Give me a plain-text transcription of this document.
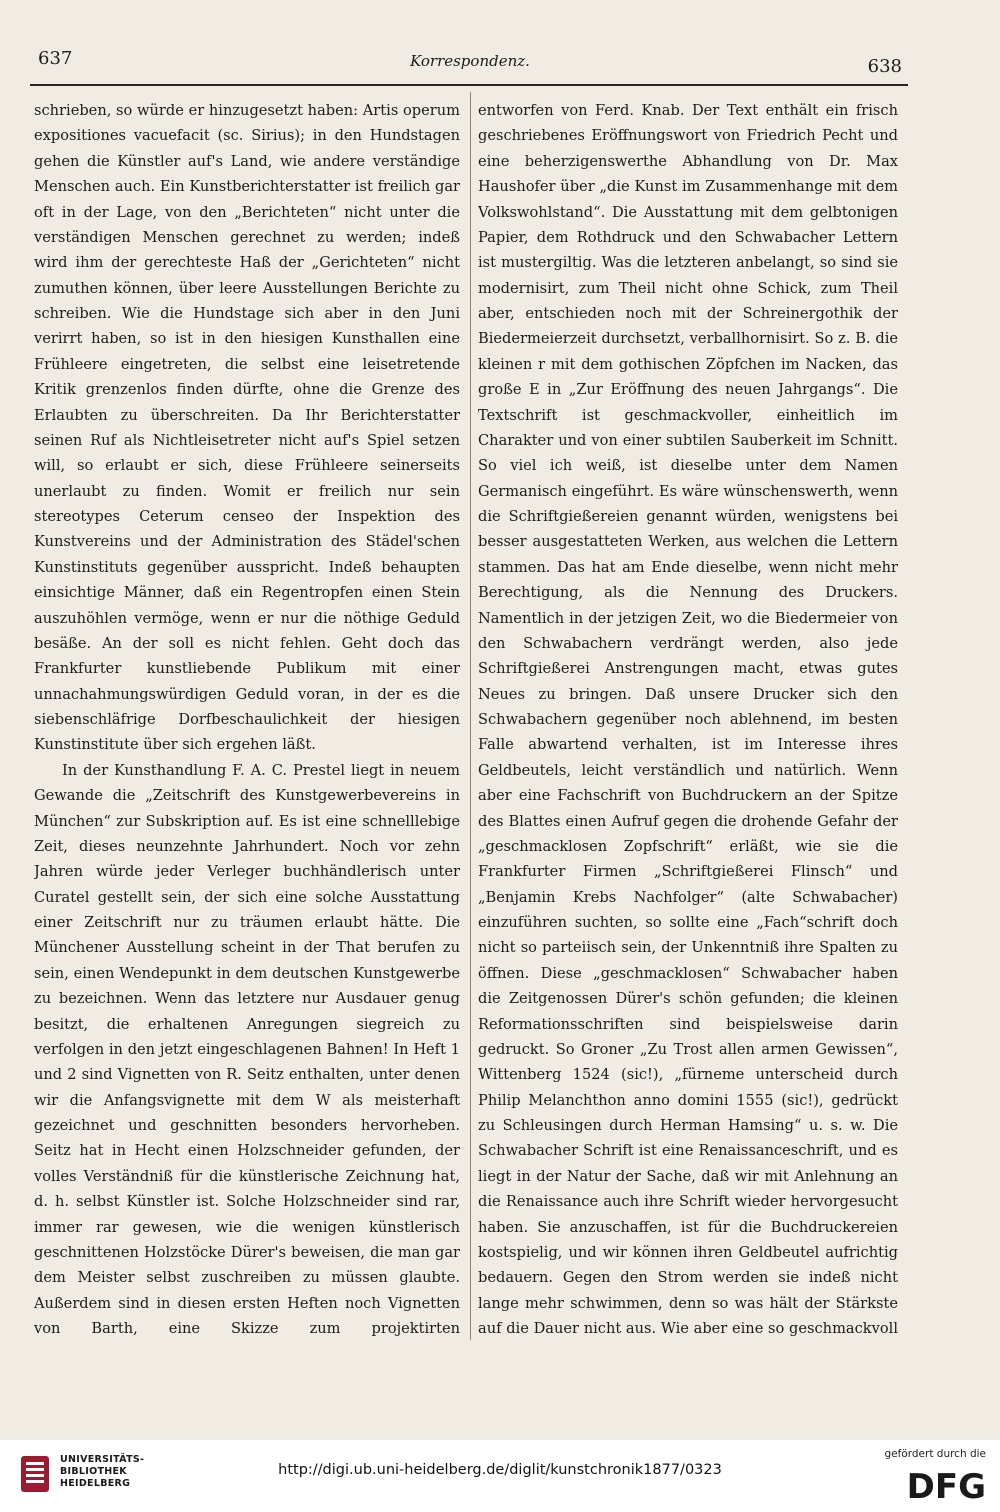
637	Korrespondenz.	638

schrieben, so würde er hinzugesetzt haben: Artis operum expositiones vacuefacit (sc. Sirius); in den Hundstagen gehen die Künstler auf's Land, wie andere verständige Menschen auch. Ein Kunstberichterstatter ist freilich gar oft in der Lage, von den „Berichteten“ nicht unter die verständigen Menschen gerechnet zu werden; indeß wird ihm der gerechteste Haß der „Gerichteten“ nicht zumuthen können, über leere Ausstellungen Berichte zu schreiben. Wie die Hundstage sich aber in den Juni verirrt haben, so ist in den hiesigen Kunsthallen eine Frühleere eingetreten, die selbst eine leisetretende Kritik grenzenlos finden dürfte, ohne die Grenze des Erlaubten zu überschreiten. Da Ihr Berichterstatter seinen Ruf als Nichtleisetreter nicht auf's Spiel setzen will, so erlaubt er sich, diese Frühleere seinerseits unerlaubt zu finden. Womit er freilich nur sein stereotypes Ceterum censeo der Inspektion des Kunstvereins und der Administration des Städel'schen Kunstinstituts gegenüber ausspricht. Indeß behaupten einsichtige Männer, daß ein Regentropfen einen Stein auszuhöhlen vermöge, wenn er nur die nöthige Geduld besäße. An der soll es nicht fehlen. Geht doch das Frankfurter kunstliebende Publikum mit einer unnachahmungswürdigen Geduld voran, in der es die siebenschläfrige Dorfbeschaulichkeit der hiesigen Kunstinstitute über sich ergehen läßt.

In der Kunsthandlung F. A. C. Prestel liegt in neuem Gewande die „Zeitschrift des Kunstgewerbevereins in München“ zur Subskription auf. Es ist eine schnelllebige Zeit, dieses neunzehnte Jahrhundert. Noch vor zehn Jahren würde jeder Verleger buchhändlerisch unter Curatel gestellt sein, der sich eine solche Ausstattung einer Zeitschrift nur zu träumen erlaubt hätte. Die Münchener Ausstellung scheint in der That berufen zu sein, einen Wendepunkt in dem deutschen Kunstgewerbe zu bezeichnen. Wenn das letztere nur Ausdauer genug besitzt, die erhaltenen Anregungen siegreich zu verfolgen in den jetzt eingeschlagenen Bahnen! In Heft 1 und 2 sind Vignetten von R. Seitz enthalten, unter denen wir die Anfangsvignette mit dem W als meisterhaft gezeichnet und geschnitten besonders hervorheben. Seitz hat in Hecht einen Holzschneider gefunden, der volles Verständniß für die künstlerische Zeichnung hat, d. h. selbst Künstler ist. Solche Holzschneider sind rar, immer rar gewesen, wie die wenigen künstlerisch geschnittenen Holzstöcke Dürer's beweisen, die man gar dem Meister selbst zuschreiben zu müssen glaubte. Außerdem sind in diesen ersten Heften noch Vignetten von Barth, eine Skizze zum projektirten

entworfen von Ferd. Knab. Der Text enthält ein frisch geschriebenes Eröffnungswort von Friedrich Pecht und eine beherzigenswerthe Abhandlung von Dr. Max Haushofer über „die Kunst im Zusammenhange mit dem Volkswohlstand“. Die Ausstattung mit dem gelbtonigen Papier, dem Rothdruck und den Schwabacher Lettern ist mustergiltig. Was die letzteren anbelangt, so sind sie modernisirt, zum Theil nicht ohne Schick, zum Theil aber, entschieden noch mit der Schreinergothik der Biedermeierzeit durchsetzt, verballhornisirt. So z. B. die kleinen r mit dem gothischen Zöpfchen im Nacken, das große E in „Zur Eröffnung des neuen Jahrgangs“. Die Textschrift ist geschmackvoller, einheitlich im Charakter und von einer subtilen Sauberkeit im Schnitt. So viel ich weiß, ist dieselbe unter dem Namen Germanisch eingeführt. Es wäre wünschenswerth, wenn die Schriftgießereien genannt würden, wenigstens bei besser ausgestatteten Werken, aus welchen die Lettern stammen. Das hat am Ende dieselbe, wenn nicht mehr Berechtigung, als die Nennung des Druckers. Namentlich in der jetzigen Zeit, wo die Biedermeier von den Schwabachern verdrängt werden, also jede Schriftgießerei Anstrengungen macht, etwas gutes Neues zu bringen. Daß unsere Drucker sich den Schwabachern gegenüber noch ablehnend, im besten Falle abwartend verhalten, ist im Interesse ihres Geldbeutels, leicht verständlich und natürlich. Wenn aber eine Fachschrift von Buchdruckern an der Spitze des Blattes einen Aufruf gegen die drohende Gefahr der „geschmacklosen Zopfschrift“ erläßt, wie sie die Frankfurter Firmen „Schriftgießerei Flinsch“ und „Benjamin Krebs Nachfolger“ (alte Schwabacher) einzuführen suchten, so sollte eine „Fach“schrift doch nicht so parteiisch sein, der Unkenntniß ihre Spalten zu öffnen. Diese „geschmacklosen“ Schwabacher haben die Zeitgenossen Dürer's schön gefunden; die kleinen Reformationsschriften sind beispielsweise darin gedruckt. So Groner „Zu Trost allen armen Gewissen“, Wittenberg 1524 (sic!), „fürneme unterscheid durch Philip Melanchthon anno domini 1555 (sic!), gedrückt zu Schleusingen durch Herman Hamsing“ u. s. w. Die Schwabacher Schrift ist eine Renaissanceschrift, und es liegt in der Natur der Sache, daß wir mit Anlehnung an die Renaissance auch ihre Schrift wieder hervorgesucht haben. Sie anzuschaffen, ist für die Buchdruckereien kostspielig, und wir können ihren Geldbeutel aufrichtig bedauern. Gegen den Strom werden sie indeß nicht lange mehr schwimmen, denn so was hält der Stärkste auf die Dauer nicht aus. Wie aber eine so geschmackvoll

UNIVERSITÄTS-
BIBLIOTHEK
HEIDELBERG
http://digi.ub.uni-heidelberg.de/diglit/kunstchronik1877/0323
gefördert durch die
DFG
